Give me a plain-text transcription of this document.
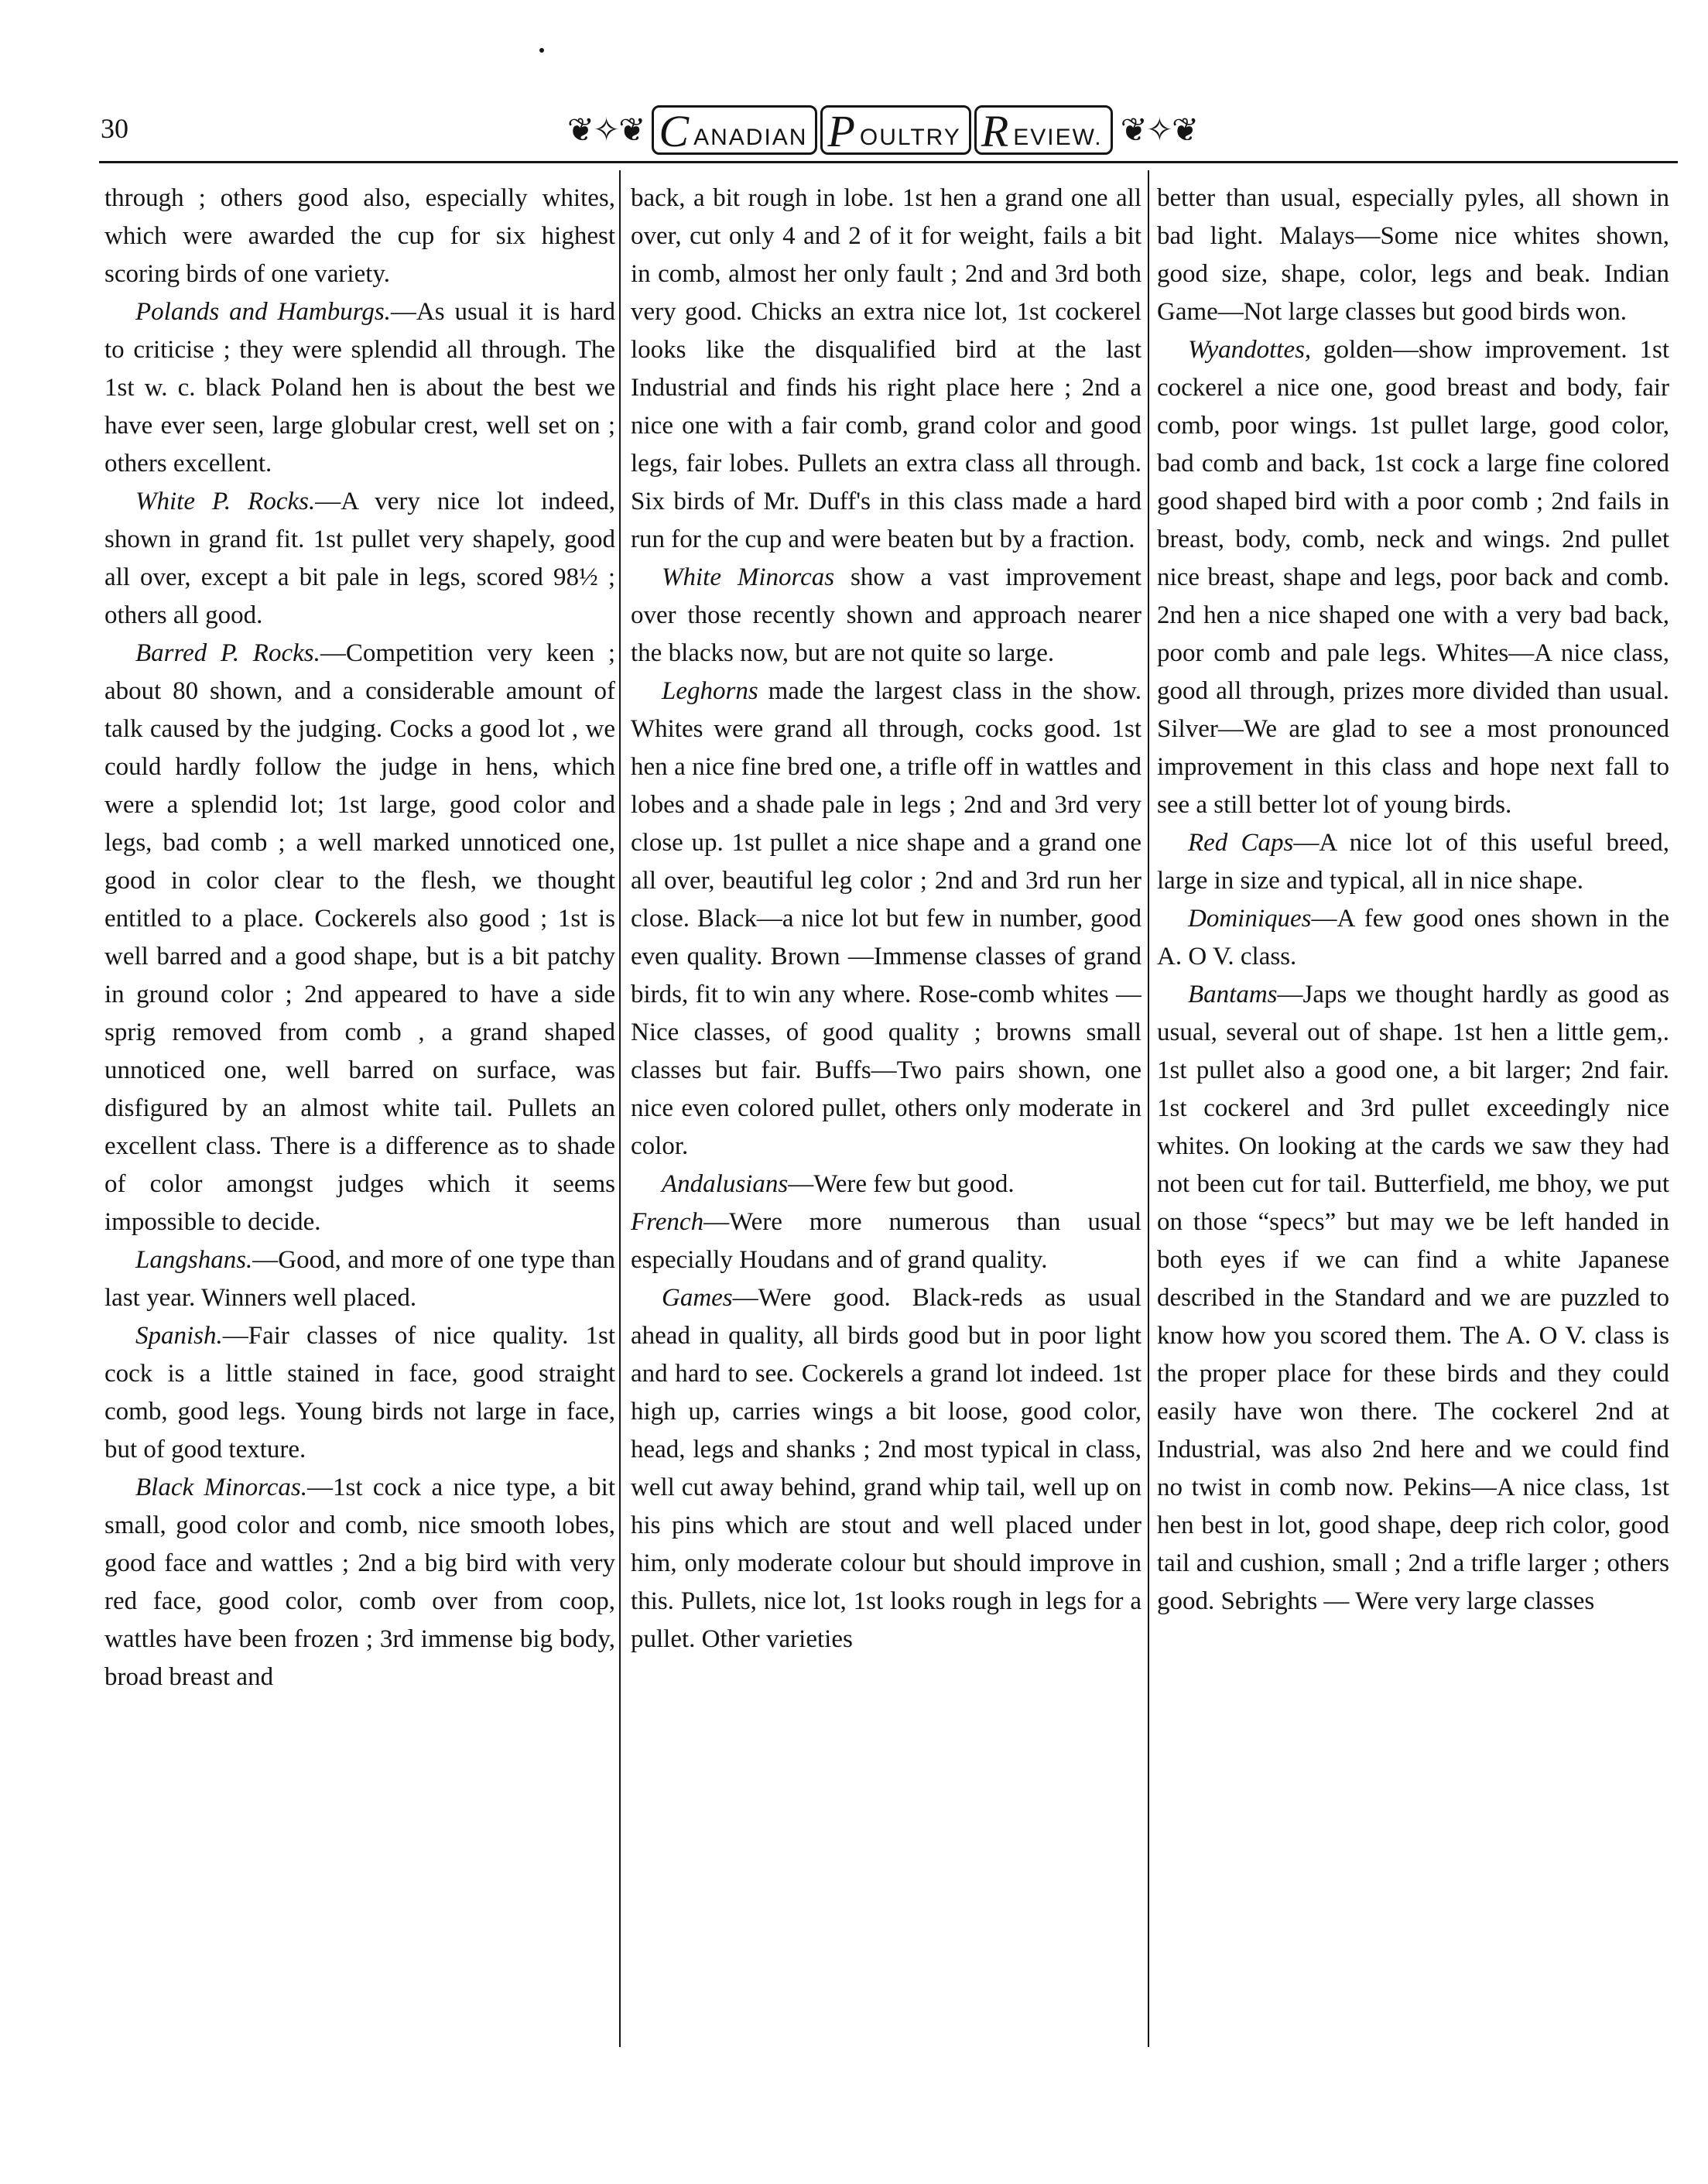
30	❦✧❦ C ANADIAN P OULTRY R EVIEW. ❦✧❦

through ; others good also, especially whites, which were awarded the cup for six highest scoring birds of one variety.

Polands and Hamburgs.—As usual it is hard to criticise ; they were splendid all through. The 1st w. c. black Poland hen is about the best we have ever seen, large globular crest, well set on ; others excellent.

White P. Rocks.—A very nice lot indeed, shown in grand fit. 1st pullet very shapely, good all over, except a bit pale in legs, scored 98½ ; others all good.

Barred P. Rocks.—Competition very keen ; about 80 shown, and a considerable amount of talk caused by the judging. Cocks a good lot , we could hardly follow the judge in hens, which were a splendid lot; 1st large, good color and legs, bad comb ; a well marked unnoticed one, good in color clear to the flesh, we thought entitled to a place. Cockerels also good ; 1st is well barred and a good shape, but is a bit patchy in ground color ; 2nd appeared to have a side sprig removed from comb , a grand shaped unnoticed one, well barred on surface, was disfigured by an almost white tail. Pullets an excellent class. There is a difference as to shade of color amongst judges which it seems impossible to decide.

Langshans.—Good, and more of one type than last year. Winners well placed.

Spanish.—Fair classes of nice quality. 1st cock is a little stained in face, good straight comb, good legs. Young birds not large in face, but of good texture.

Black Minorcas.—1st cock a nice type, a bit small, good color and comb, nice smooth lobes, good face and wattles ; 2nd a big bird with very red face, good color, comb over from coop, wattles have been frozen ; 3rd immense big body, broad breast and

back, a bit rough in lobe. 1st hen a grand one all over, cut only 4 and 2 of it for weight, fails a bit in comb, almost her only fault ; 2nd and 3rd both very good. Chicks an extra nice lot, 1st cockerel looks like the disqualified bird at the last Industrial and finds his right place here ; 2nd a nice one with a fair comb, grand color and good legs, fair lobes. Pullets an extra class all through. Six birds of Mr. Duff's in this class made a hard run for the cup and were beaten but by a fraction.

White Minorcas show a vast improvement over those recently shown and approach nearer the blacks now, but are not quite so large.

Leghorns made the largest class in the show. Whites were grand all through, cocks good. 1st hen a nice fine bred one, a trifle off in wattles and lobes and a shade pale in legs ; 2nd and 3rd very close up. 1st pullet a nice shape and a grand one all over, beautiful leg color ; 2nd and 3rd run her close. Black—a nice lot but few in number, good even quality. Brown —Immense classes of grand birds, fit to win any where. Rose-comb whites —Nice classes, of good quality ; browns small classes but fair. Buffs—Two pairs shown, one nice even colored pullet, others only moderate in color.

Andalusians—Were few but good.

French—Were more numerous than usual especially Houdans and of grand quality.

Games—Were good. Black-reds as usual ahead in quality, all birds good but in poor light and hard to see. Cockerels a grand lot indeed. 1st high up, carries wings a bit loose, good color, head, legs and shanks ; 2nd most typical in class, well cut away behind, grand whip tail, well up on his pins which are stout and well placed under him, only moderate colour but should improve in this. Pullets, nice lot, 1st looks rough in legs for a pullet. Other varieties

better than usual, especially pyles, all shown in bad light. Malays—Some nice whites shown, good size, shape, color, legs and beak. Indian Game—Not large classes but good birds won.

Wyandottes, golden—show improvement. 1st cockerel a nice one, good breast and body, fair comb, poor wings. 1st pullet large, good color, bad comb and back, 1st cock a large fine colored good shaped bird with a poor comb ; 2nd fails in breast, body, comb, neck and wings. 2nd pullet nice breast, shape and legs, poor back and comb. 2nd hen a nice shaped one with a very bad back, poor comb and pale legs. Whites—A nice class, good all through, prizes more divided than usual. Silver—We are glad to see a most pronounced improvement in this class and hope next fall to see a still better lot of young birds.

Red Caps—A nice lot of this useful breed, large in size and typical, all in nice shape.

Dominiques—A few good ones shown in the A. O V. class.

Bantams—Japs we thought hardly as good as usual, several out of shape. 1st hen a little gem,. 1st pullet also a good one, a bit larger; 2nd fair. 1st cockerel and 3rd pullet exceedingly nice whites. On looking at the cards we saw they had not been cut for tail. Butterfield, me bhoy, we put on those “specs” but may we be left handed in both eyes if we can find a white Japanese described in the Standard and we are puzzled to know how you scored them. The A. O V. class is the proper place for these birds and they could easily have won there. The cockerel 2nd at Industrial, was also 2nd here and we could find no twist in comb now. Pekins—A nice class, 1st hen best in lot, good shape, deep rich color, good tail and cushion, small ; 2nd a trifle larger ; others good. Sebrights — Were very large classes
